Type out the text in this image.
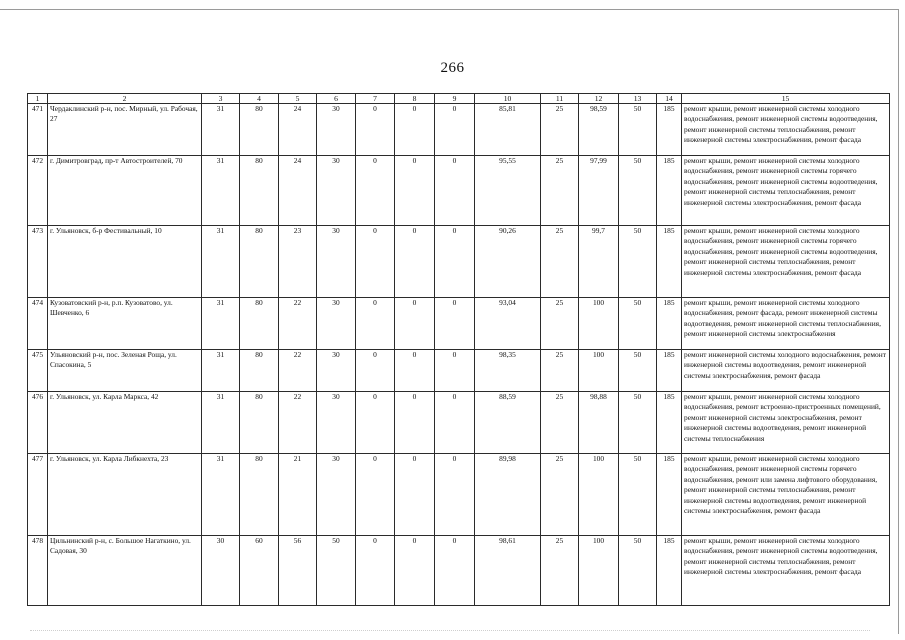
266
1	2	3	4	5	6	7	8	9	10	11	12	13	14	15
471	Чердаклинский р-н, пос. Мирный, ул. Рабочая, 27	31	80	24	30	0	0	0	85,81	25	98,59	50	185	ремонт крыши, ремонт инженерной системы холодного водоснабжения, ремонт инженерной системы водоотведения, ремонт инженерной системы теплоснабжения, ремонт инженерной системы электроснабжения, ремонт фасада
472	г. Димитровград, пр-т Автостроителей, 70	31	80	24	30	0	0	0	95,55	25	97,99	50	185	ремонт крыши, ремонт инженерной системы холодного водоснабжения, ремонт инженерной системы горячего водоснабжения, ремонт инженерной системы водоотведения, ремонт инженерной системы теплоснабжения, ремонт инженерной системы электроснабжения, ремонт фасада
473	г. Ульяновск, б-р Фестивальный, 10	31	80	23	30	0	0	0	90,26	25	99,7	50	185	ремонт крыши, ремонт инженерной системы холодного водоснабжения, ремонт инженерной системы горячего водоснабжения, ремонт инженерной системы водоотведения, ремонт инженерной системы теплоснабжения, ремонт инженерной системы электроснабжения, ремонт фасада
474	Кузоватовский р-н, р.п. Кузоватово, ул. Шевченко, 6	31	80	22	30	0	0	0	93,04	25	100	50	185	ремонт крыши, ремонт инженерной системы холодного водоснабжения, ремонт фасада, ремонт инженерной системы водоотведения, ремонт инженерной системы теплоснабжения, ремонт инженерной системы электроснабжения
475	Ульяновский р-н, пос. Зеленая Роща, ул. Спасокина, 5	31	80	22	30	0	0	0	98,35	25	100	50	185	ремонт инженерной системы холодного водоснабжения, ремонт инженерной системы водоотведения, ремонт инженерной системы электроснабжения, ремонт фасада
476	г. Ульяновск, ул. Карла Маркса, 42	31	80	22	30	0	0	0	88,59	25	98,88	50	185	ремонт крыши, ремонт инженерной системы холодного водоснабжения, ремонт встроенно-пристроенных помещений, ремонт инженерной системы электроснабжения, ремонт инженерной системы водоотведения, ремонт инженерной системы теплоснабжения
477	г. Ульяновск, ул. Карла Либкнехта, 23	31	80	21	30	0	0	0	89,98	25	100	50	185	ремонт крыши, ремонт инженерной системы холодного водоснабжения, ремонт инженерной системы горячего водоснабжения, ремонт или замена лифтового оборудования, ремонт инженерной системы теплоснабжения, ремонт инженерной системы водоотведения, ремонт инженерной системы электроснабжения, ремонт фасада
478	Цильнинский р-н, с. Большое Нагаткино, ул. Садовая, 30	30	60	56	50	0	0	0	98,61	25	100	50	185	ремонт крыши, ремонт инженерной системы холодного водоснабжения, ремонт инженерной системы водоотведения, ремонт инженерной системы теплоснабжения, ремонт инженерной системы электроснабжения, ремонт фасада
